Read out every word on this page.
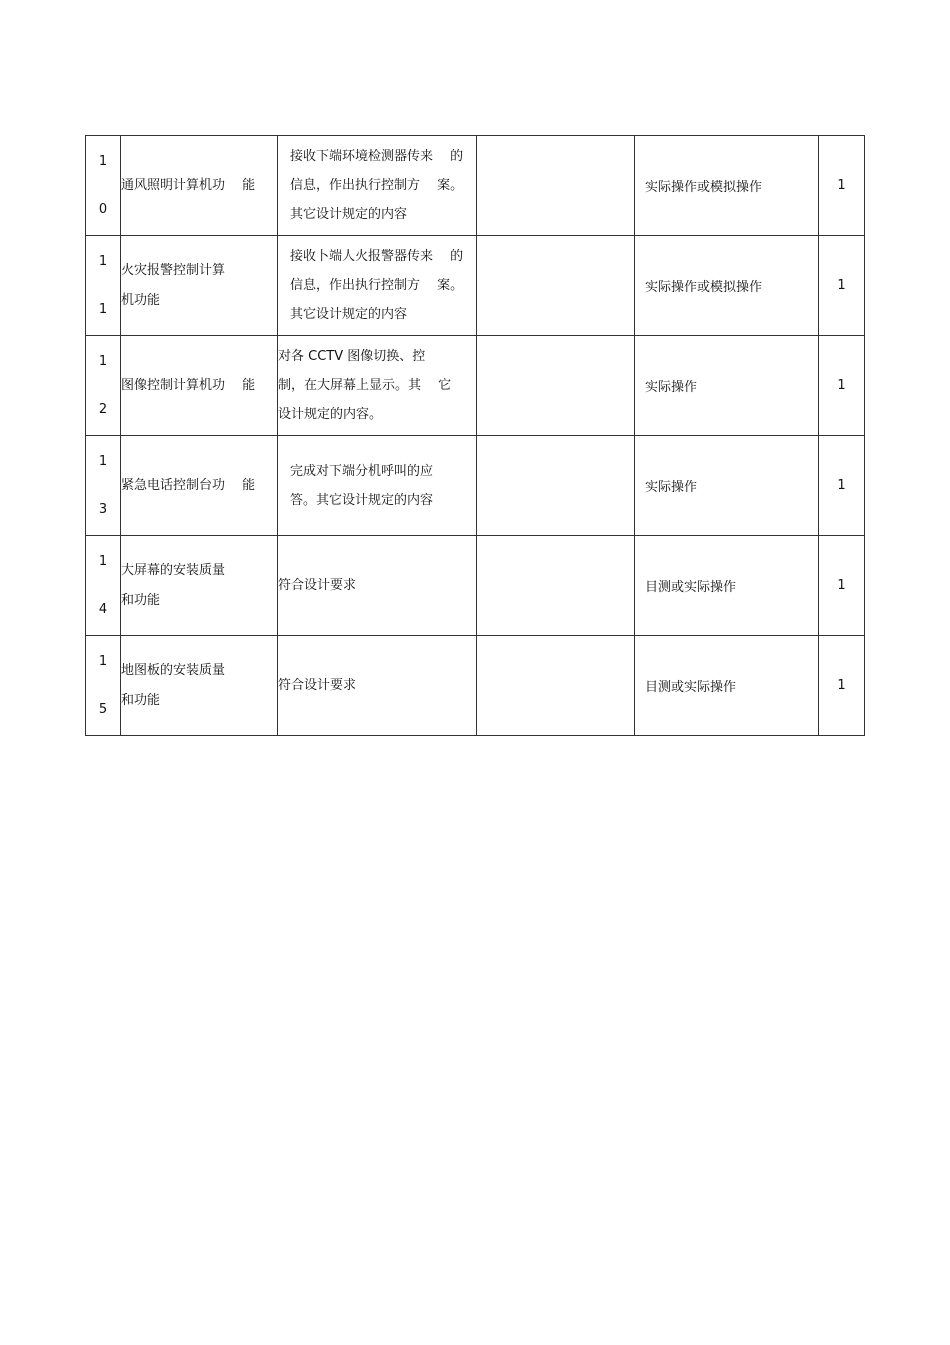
1
0	通风照明计算机功　 能	接收下端环境检测器传来　 的
信息，作出执行控制方　 案。
其它设计规定的内容		实际操作或模拟操作	1

1
1	火灾报警控制计算
机功能	接收卜端人火报警器传来　 的
信息，作出执行控制方　 案。
其它设计规定的内容		实际操作或模拟操作	1

1
2	图像控制计算机功　 能	对各 CCTV 图像切换、控
制，在大屏幕上显示。其　 它
设计规定的内容。		实际操作	1

1
3	紧急电话控制台功　 能	完成对下端分机呼叫的应
答。其它设计规定的内容		实际操作	1

1
4	大屏幕的安装质量
和功能	符合设计要求		目测或实际操作	1

1
5	地图板的安装质量
和功能	符合设计要求		目测或实际操作	1
